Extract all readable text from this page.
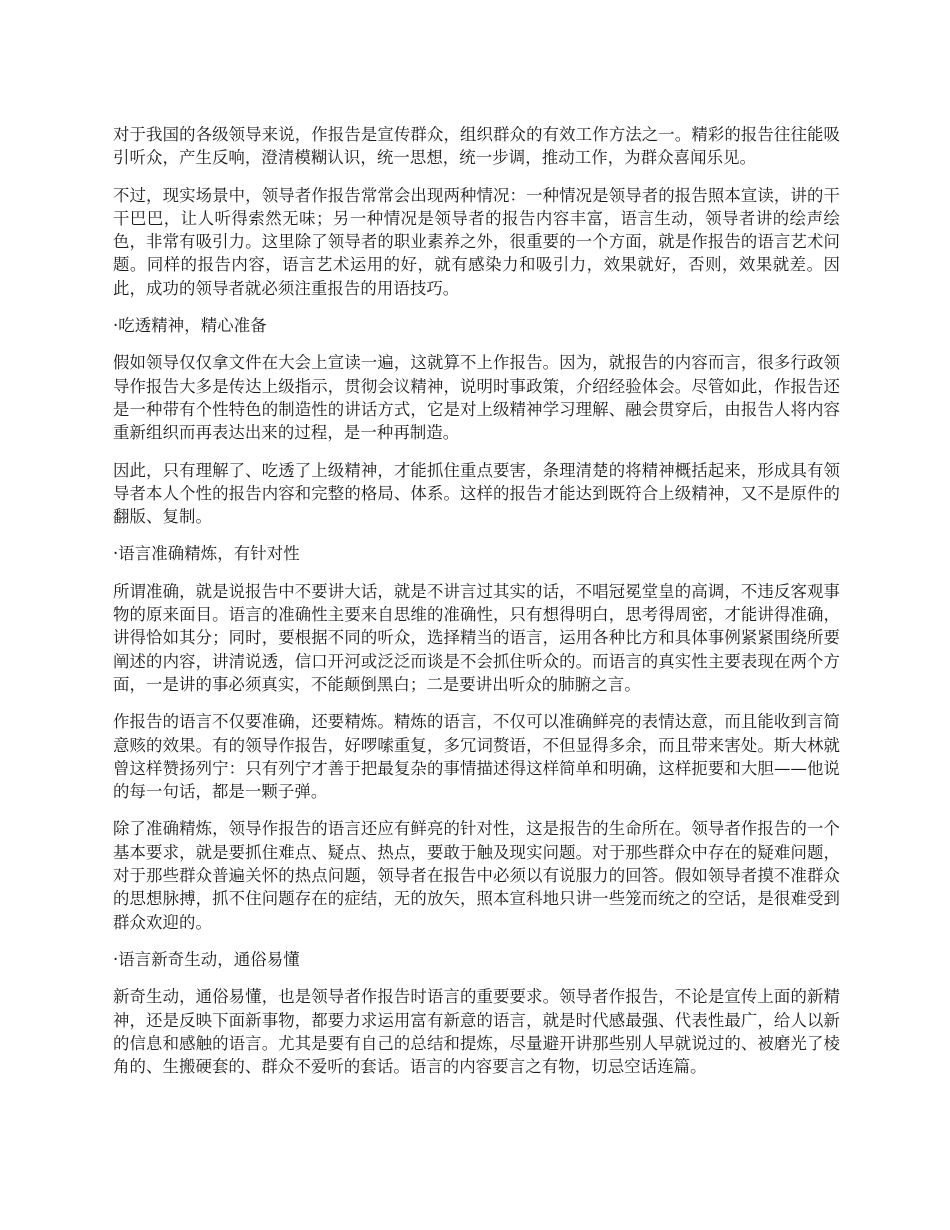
对于我国的各级领导来说，作报告是宣传群众，组织群众的有效工作方法之一。精彩的报告往往能吸引听众，产生反响，澄清模糊认识，统一思想，统一步调，推动工作，为群众喜闻乐见。

不过，现实场景中，领导者作报告常常会出现两种情况：一种情况是领导者的报告照本宣读，讲的干干巴巴，让人听得索然无味；另一种情况是领导者的报告内容丰富，语言生动，领导者讲的绘声绘色，非常有吸引力。这里除了领导者的职业素养之外，很重要的一个方面，就是作报告的语言艺术问题。同样的报告内容，语言艺术运用的好，就有感染力和吸引力，效果就好，否则，效果就差。因此，成功的领导者就必须注重报告的用语技巧。

·吃透精神，精心准备

假如领导仅仅拿文件在大会上宣读一遍，这就算不上作报告。因为，就报告的内容而言，很多行政领导作报告大多是传达上级指示，贯彻会议精神，说明时事政策，介绍经验体会。尽管如此，作报告还是一种带有个性特色的制造性的讲话方式，它是对上级精神学习理解、融会贯穿后，由报告人将内容重新组织而再表达出来的过程，是一种再制造。

因此，只有理解了、吃透了上级精神，才能抓住重点要害，条理清楚的将精神概括起来，形成具有领导者本人个性的报告内容和完整的格局、体系。这样的报告才能达到既符合上级精神，又不是原件的翻版、复制。

·语言准确精炼，有针对性

所谓准确，就是说报告中不要讲大话，就是不讲言过其实的话，不唱冠冕堂皇的高调，不违反客观事物的原来面目。语言的准确性主要来自思维的准确性，只有想得明白，思考得周密，才能讲得准确，讲得恰如其分；同时，要根据不同的听众，选择精当的语言，运用各种比方和具体事例紧紧围绕所要阐述的内容，讲清说透，信口开河或泛泛而谈是不会抓住听众的。而语言的真实性主要表现在两个方面，一是讲的事必须真实，不能颠倒黑白；二是要讲出听众的肺腑之言。

作报告的语言不仅要准确，还要精炼。精炼的语言，不仅可以准确鲜亮的表情达意，而且能收到言简意赅的效果。有的领导作报告，好啰嗦重复，多冗词赘语，不但显得多余，而且带来害处。斯大林就曾这样赞扬列宁：只有列宁才善于把最复杂的事情描述得这样简单和明确，这样扼要和大胆——他说的每一句话，都是一颗子弹。

除了准确精炼，领导作报告的语言还应有鲜亮的针对性，这是报告的生命所在。领导者作报告的一个基本要求，就是要抓住难点、疑点、热点，要敢于触及现实问题。对于那些群众中存在的疑难问题，对于那些群众普遍关怀的热点问题，领导者在报告中必须以有说服力的回答。假如领导者摸不准群众的思想脉搏，抓不住问题存在的症结，无的放矢，照本宣科地只讲一些笼而统之的空话，是很难受到群众欢迎的。

·语言新奇生动，通俗易懂

新奇生动，通俗易懂，也是领导者作报告时语言的重要要求。领导者作报告，不论是宣传上面的新精神，还是反映下面新事物，都要力求运用富有新意的语言，就是时代感最强、代表性最广，给人以新的信息和感触的语言。尤其是要有自己的总结和提炼，尽量避开讲那些别人早就说过的、被磨光了棱角的、生搬硬套的、群众不爱听的套话。语言的内容要言之有物，切忌空话连篇。
